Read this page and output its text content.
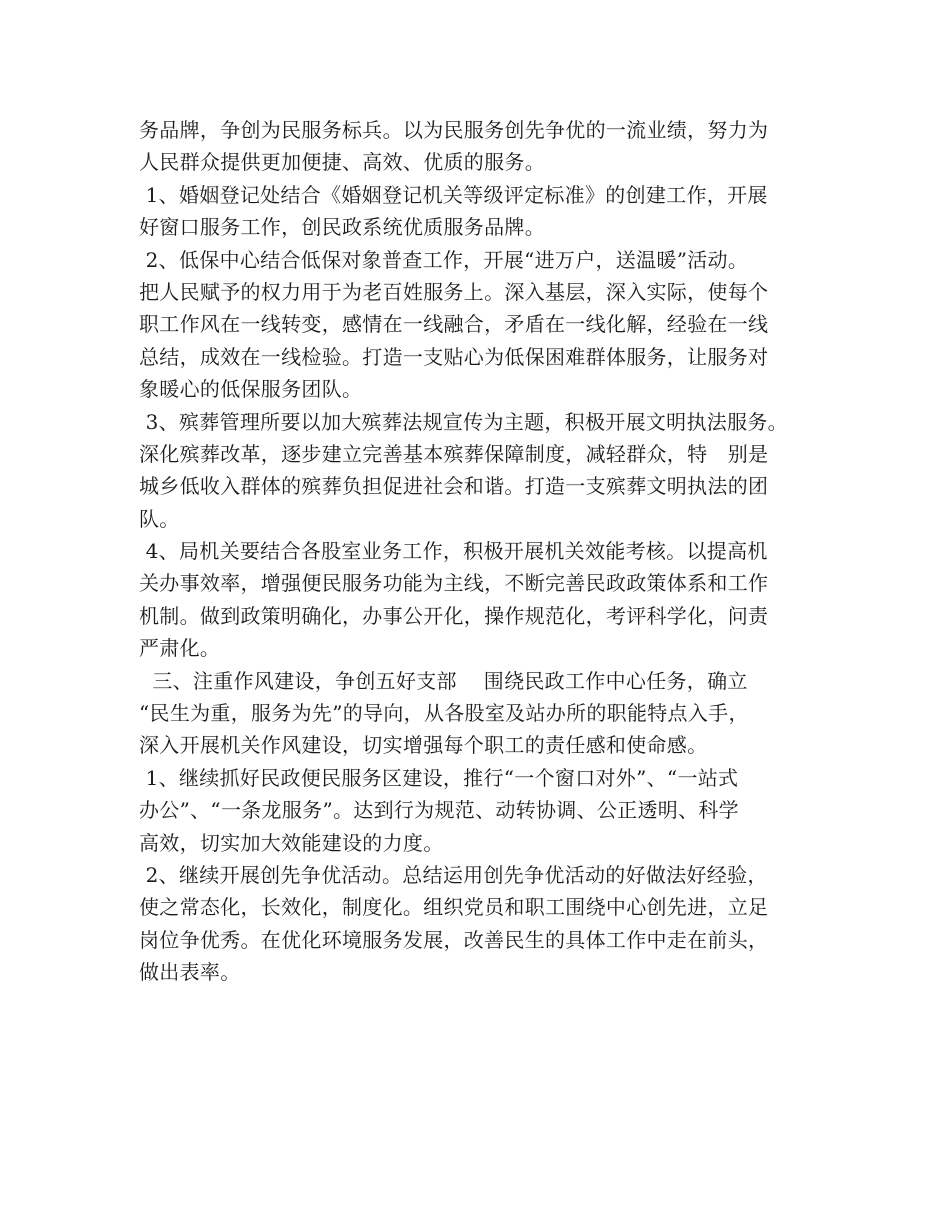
务品牌，争创为民服务标兵。以为民服务创先争优的一流业绩，努力为
人民群众提供更加便捷、高效、优质的服务。
1、婚姻登记处结合《婚姻登记机关等级评定标准》的创建工作，开展
好窗口服务工作，创民政系统优质服务品牌。
2、低保中心结合低保对象普查工作，开展“进万户，送温暖”活动。
把人民赋予的权力用于为老百姓服务上。深入基层，深入实际，使每个
职工作风在一线转变，感情在一线融合，矛盾在一线化解，经验在一线
总结，成效在一线检验。打造一支贴心为低保困难群体服务，让服务对
象暖心的低保服务团队。
3、殡葬管理所要以加大殡葬法规宣传为主题，积极开展文明执法服务。
深化殡葬改革，逐步建立完善基本殡葬保障制度，减轻群众，特　别是
城乡低收入群体的殡葬负担促进社会和谐。打造一支殡葬文明执法的团
队。
4、局机关要结合各股室业务工作，积极开展机关效能考核。以提高机
关办事效率，增强便民服务功能为主线，不断完善民政政策体系和工作
机制。做到政策明确化，办事公开化，操作规范化，考评科学化，问责
严肃化。
三、注重作风建设，争创五好支部　 围绕民政工作中心任务，确立
“民生为重，服务为先”的导向，从各股室及站办所的职能特点入手，
深入开展机关作风建设，切实增强每个职工的责任感和使命感。
1、继续抓好民政便民服务区建设，推行“一个窗口对外”、“一站式
办公”、“一条龙服务”。达到行为规范、动转协调、公正透明、科学
高效，切实加大效能建设的力度。
2、继续开展创先争优活动。总结运用创先争优活动的好做法好经验，
使之常态化，长效化，制度化。组织党员和职工围绕中心创先进，立足
岗位争优秀。在优化环境服务发展，改善民生的具体工作中走在前头，
做出表率。
